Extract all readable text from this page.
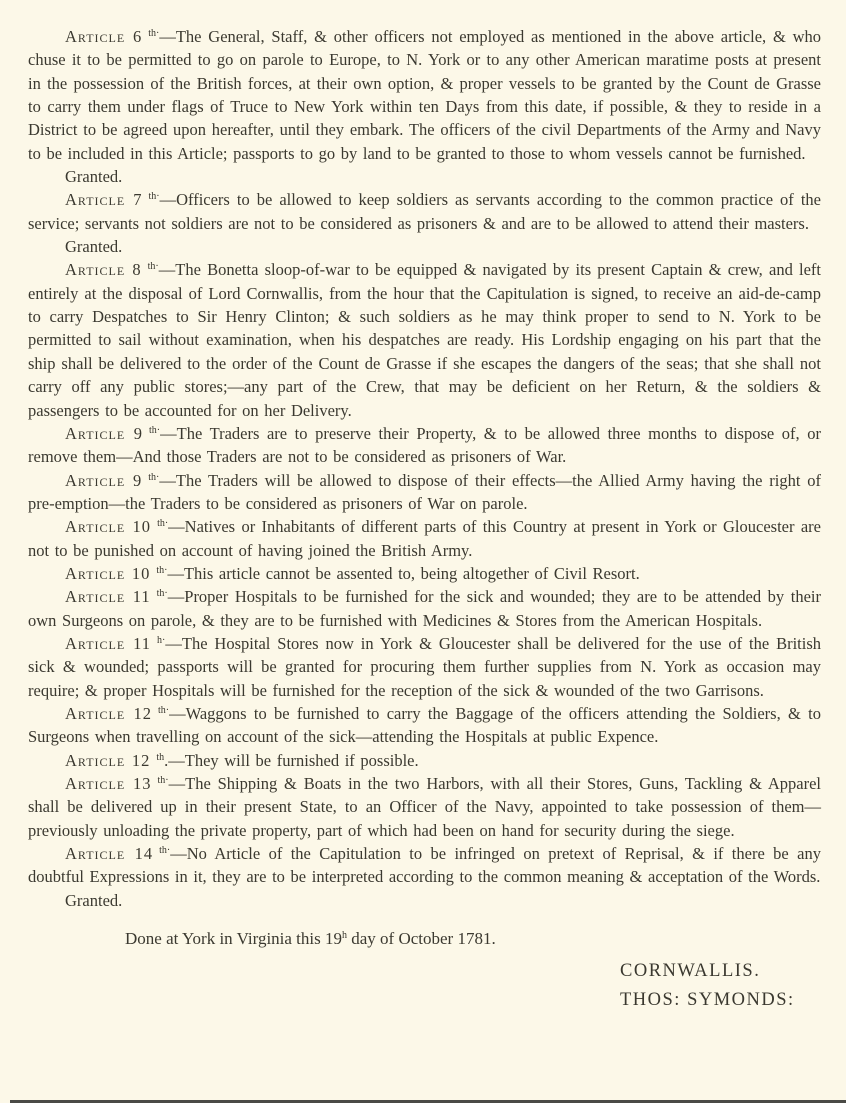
Article 6 $^{th\cdot}$—The General, Staff, & other officers not employed as mentioned in the above article, & who chuse it to be permitted to go on parole to Europe, to N. York or to any other American maratime posts at present in the possession of the British forces, at their own option, & proper vessels to be granted by the Count de Grasse to carry them under flags of Truce to New York within ten Days from this date, if possible, & they to reside in a District to be agreed upon hereafter, until they embark. The officers of the civil Departments of the Army and Navy to be included in this Article; passports to go by land to be granted to those to whom vessels cannot be furnished.

Granted.

Article 7 $^{th\cdot}$—Officers to be allowed to keep soldiers as servants according to the common practice of the service; servants not soldiers are not to be considered as prisoners & and are to be allowed to attend their masters.

Granted.

Article 8 $^{th\cdot}$—The Bonetta sloop-of-war to be equipped & navigated by its present Captain & crew, and left entirely at the disposal of Lord Cornwallis, from the hour that the Capitulation is signed, to receive an aid-de-camp to carry Despatches to Sir Henry Clinton; & such soldiers as he may think proper to send to N. York to be permitted to sail without examination, when his despatches are ready. His Lordship engaging on his part that the ship shall be delivered to the order of the Count de Grasse if she escapes the dangers of the seas; that she shall not carry off any public stores;—any part of the Crew, that may be deficient on her Return, & the soldiers & passengers to be accounted for on her Delivery.

Article 9 $^{th\cdot}$—The Traders are to preserve their Property, & to be allowed three months to dispose of, or remove them—And those Traders are not to be considered as prisoners of War.

Article 9 $^{th\cdot}$—The Traders will be allowed to dispose of their effects—the Allied Army having the right of pre-emption—the Traders to be considered as prisoners of War on parole.

Article 10 $^{th\cdot}$—Natives or Inhabitants of different parts of this Country at present in York or Gloucester are not to be punished on account of having joined the British Army.

Article 10 $^{th\cdot}$—This article cannot be assented to, being altogether of Civil Resort.

Article 11 $^{th\cdot}$—Proper Hospitals to be furnished for the sick and wounded; they are to be attended by their own Surgeons on parole, & they are to be furnished with Medicines & Stores from the American Hospitals.

Article 11 $^{h\cdot}$—The Hospital Stores now in York & Gloucester shall be delivered for the use of the British sick & wounded; passports will be granted for procuring them further supplies from N. York as occasion may require; & proper Hospitals will be furnished for the reception of the sick & wounded of the two Garrisons.

Article 12 $^{th\cdot}$—Waggons to be furnished to carry the Baggage of the officers attending the Soldiers, & to Surgeons when travelling on account of the sick—attending the Hospitals at public Expence.

Article 12 $^{th}$.—They will be furnished if possible.

Article 13 $^{th\cdot}$—The Shipping & Boats in the two Harbors, with all their Stores, Guns, Tackling & Apparel shall be delivered up in their present State, to an Officer of the Navy, appointed to take possession of them—previously unloading the private property, part of which had been on hand for security during the siege.

Article 14 $^{th\cdot}$—No Article of the Capitulation to be infringed on pretext of Reprisal, & if there be any doubtful Expressions in it, they are to be interpreted according to the common meaning & acceptation of the Words.

Granted.

Done at York in Virginia this 19$^h$ day of October 1781.

CORNWALLIS.
THOS: SYMONDS:
